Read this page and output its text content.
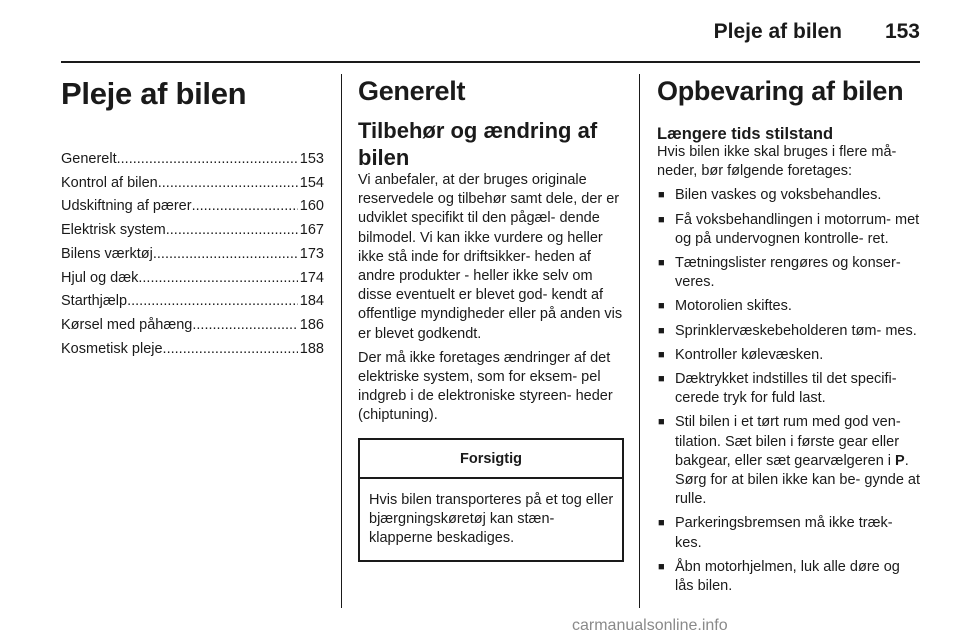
Pleje af bilen 153
Pleje af bilen
Generelt .....	153
Kontrol af bilen .....	154
Udskiftning af pærer .....	160
Elektrisk system .....	167
Bilens værktøj .....	173
Hjul og dæk .....	174
Starthjælp .....	184
Kørsel med påhæng .....	186
Kosmetisk pleje .....	188
Generelt
Tilbehør og ændring af bilen

Vi anbefaler, at der bruges originale reservedele og tilbehør samt dele, der er udviklet specifikt til den pågæl- dende bilmodel. Vi kan ikke vurdere og heller ikke stå inde for driftsikker- heden af andre produkter - heller ikke selv om disse eventuelt er blevet god- kendt af offentlige myndigheder eller på anden vis er blevet godkendt.

Der må ikke foretages ændringer af det elektriske system, som for eksem- pel indgreb i de elektroniske styreen- heder (chiptuning).

Forsigtig
Hvis bilen transporteres på et tog eller bjærgningskøretøj kan stæn- klapperne beskadiges.
Opbevaring af bilen
Længere tids stilstand

Hvis bilen ikke skal bruges i flere må- neder, bør følgende foretages:

■ Bilen vaskes og voksbehandles.
■ Få voksbehandlingen i motorrum- met og på undervognen kontrolle- ret.
■ Tætningslister rengøres og konser- veres.
■ Motorolien skiftes.
■ Sprinklervæskebeholderen tøm- mes.
■ Kontroller kølevæsken.
■ Dæktrykket indstilles til det specifi- cerede tryk for fuld last.
■ Stil bilen i et tørt rum med god ven- tilation. Sæt bilen i første gear eller bakgear, eller sæt gearvælgeren i P. Sørg for at bilen ikke kan be- gynde at rulle.
■ Parkeringsbremsen må ikke træk- kes.
■ Åbn motorhjelmen, luk alle døre og lås bilen.
carmanualsonline.info
